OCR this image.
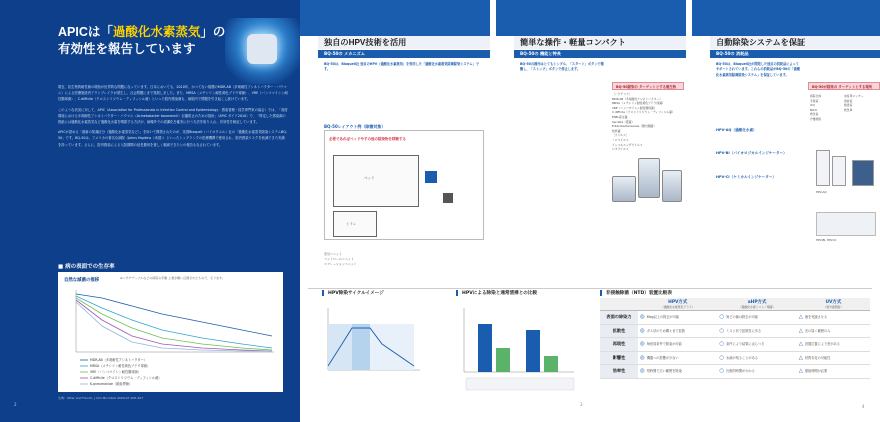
APICは「過酸化水素蒸気」の
有効性を報告しています

現在、抗生物質耐性菌の増加が世界的な問題になっています。日本においても、2010年、かつてない規模のMDR-AB（多剤耐性アシネトバクター・バウマニ）による医療施設内アウトブレイクが発生し、社会問題にまで発展しました。また、MRSA（メチシリン耐性黄色ブドウ球菌）、VRE（バンコマイシン耐性腸球菌）、C.difficile（クロストリジウム・ディフィシル菌）といった院内感染菌も、病院内で問題を引き起こし続けています。

このような状況に対して、APIC（Association for Professionals in Infection Control and Epidemiology：感染管理・疫学専門家の協会）では、「高度環境における多剤耐性アシネトバクター・バウマニ（Acinetobacter baumannii）伝播防止のための指針」（APIC ガイド2010）で、「特定した感染源の根絶には過酸化水素蒸気など過酸化水素を噴霧する方法が、病棟外での清潔化を確実に行う方法を取り入れ、有効性を検証しています。

APICが認める「最新の知識区分（過酸化水素蒸気など）」を用いて開発されたのが、英国Bioquell（バイオクエル）社の「過酸化水素蒸気除染システムBQ-50」です。BQ-50は、アメリカの著名な病院（Johns Hopkins（米国））といったトップランクの医療機関で使用され、院内感染リスクを低減できた実績を持っています。さらに、院内感染による入院期間の延長費用を著しく軽減できたとの報告もなされています。

■ 病の表面での生存率
自然な減菌の推移	※ハサチデーブルなどの病院の手動 上乗が剛い辺期されたもので、元ります。
MDR-AB（多剤耐性アシネトバクター）
MRSA（メチシリン耐性黄色ブドウ球菌）
VRE（バンコマイシン耐性腸球菌）
C.difficile（クロストリジウム・ディフィシル菌）
K.pneumoniae（肺炎桿菌）
出典：Otter and French, J Clin Microbiol 2009;47:205-207
2
独自のHPV技術を活用
BQ-50の メカニズム
BQ-50は、Bioquell社 独自のHPV（過酸化水素蒸気）を利用した「過酸化水素蒸気除菌除染システム」です。
BQ-50レイアウト例（除菌対象）
必要であればベッドやすの他の除染物を移動する
ベッド
トイレ
蒸気ユニット
コントロールユニット
エアレーションユニット
3
簡単な操作・軽量コンパクト
BQ-50の 機能と特長
BQ-50の操作はとてもシンプル。「スタート」ボタンで稼働し、「ストップ」ボタンで停止します。
BQ-50除染の ターゲットとする微生物
［バクテリア］
MDR-AB（多剤耐性アシネトバクター）
MRSA（メチシリン耐性黄色ブドウ球菌）
VRE（バンコマイシン耐性腸球菌）
C.difficile（クロストリジウム・ディフィシル菌）
ESBL産生菌
Serratia（霊菌）
Enterobacteriaceae（腸内細菌）
結核菌
［ウイルス］
ノロウイルス
インフルエンザウイルス
ロタウイルス
自動除染システムを保証
BQ-50の 消耗品
BQ-50は、Bioquell社が開発した独自の消耗品によってサポートされています。これらの消耗品がBQ-50の「過酸化水素蒸気除菌除染システム」を保証しています。
BQ-50が除染の ターゲットとする場所
病院全体
手術室
ICU
NICU
救急室
介護施設
来客用ロッカー
透析室
検査室
救急車
HPV-AQ（過酸化水素）
HPV-BI（バイオロジカルインジケーター）
HPV-CI（ケミカルインジケーター）
HPV-AQ
HPV-BI, HPV-CI
HPV除染サイクルイメージ	HPVによる除染と通常清掃との比較	非接触除菌（NTD）装置比較表
	HPV方式
（過酸化水素蒸気ドライ）	aHP方式
（過酸化水素ミスト／噴霧）	UV方式
（紫外線照射）

表面の除染力	◎ 6log以上の除去が可能	○ 殆どの菌は除去が可能	△ 菌を死滅させる
拡散性	◎ ガス状のため隅々まで拡散	○ ミスト状で拡散性に劣る	△ 光の届く範囲のみ
再現性	◎ 毎回同条件で除染が可能	○ 条件により結果にばらつき	△ 設置位置により差がある
影響性	◎ 機器への影響が少ない	○ 水滴が残ることがある	△ 材質劣化の可能性
効率性	◎ 短時間で広い範囲を除染	○ 比較的時間がかかる	△ 照射時間が必要
4
